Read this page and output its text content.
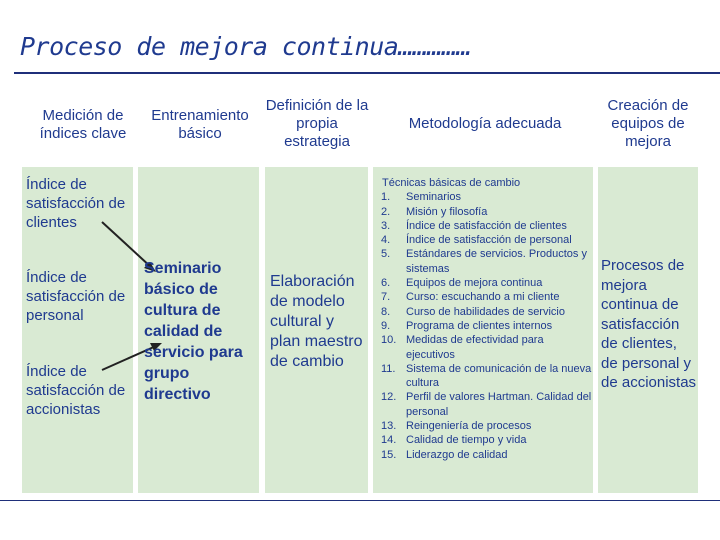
Proceso de mejora continua……………
Medición de índices clave
Entrenamiento básico
Definición de la propia estrategia
Metodología adecuada
Creación de equipos de mejora
Índice de satisfacción de clientes
Índice de satisfacción de personal
Índice de satisfacción de accionistas
Seminario básico de cultura de calidad de servicio para grupo directivo
Elaboración de modelo cultural y plan maestro de cambio
Técnicas básicas de cambio
1.	Seminarios
2.	Misión y filosofía
3.	Índice de satisfacción de clientes
4.	Índice de satisfacción de personal
5.	Estándares de servicios. Productos y sistemas
6.	Equipos de mejora continua
7.	Curso: escuchando a mi cliente
8.	Curso de habilidades de servicio
9.	Programa de clientes internos
10. Medidas de efectividad para ejecutivos
11. Sistema de comunicación de la nueva cultura
12. Perfil de valores Hartman. Calidad del personal
13. Reingeniería de procesos
14. Calidad de tiempo y vida
15. Liderazgo de calidad
Procesos de mejora continua de satisfacción de clientes, de personal y de accionistas
